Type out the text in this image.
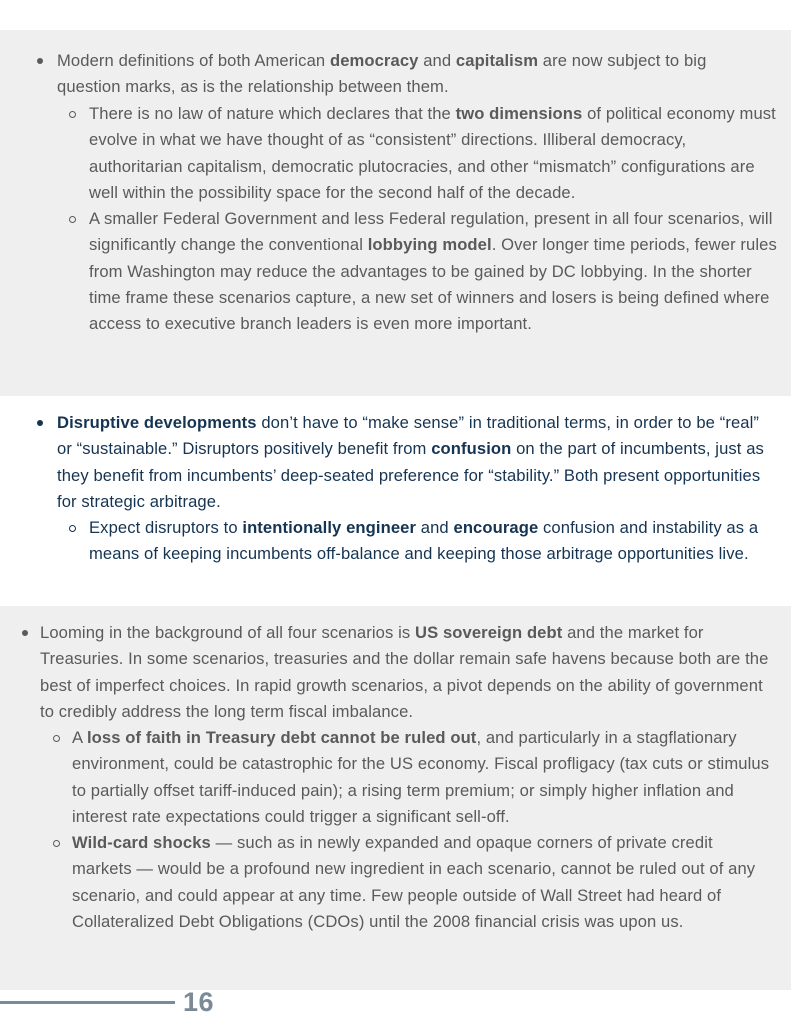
Modern definitions of both American democracy and capitalism are now subject to big question marks, as is the relationship between them.
There is no law of nature which declares that the two dimensions of political economy must evolve in what we have thought of as “consistent” directions. Illiberal democracy, authoritarian capitalism, democratic plutocracies, and other “mismatch” configurations are well within the possibility space for the second half of the decade.
A smaller Federal Government and less Federal regulation, present in all four scenarios, will significantly change the conventional lobbying model. Over longer time periods, fewer rules from Washington may reduce the advantages to be gained by DC lobbying. In the shorter time frame these scenarios capture, a new set of winners and losers is being defined where access to executive branch leaders is even more important.
Disruptive developments don’t have to “make sense” in traditional terms, in order to be “real” or “sustainable.” Disruptors positively benefit from confusion on the part of incumbents, just as they benefit from incumbents’ deep-seated preference for “stability.” Both present opportunities for strategic arbitrage.
Expect disruptors to intentionally engineer and encourage confusion and instability as a means of keeping incumbents off-balance and keeping those arbitrage opportunities live.
Looming in the background of all four scenarios is US sovereign debt and the market for Treasuries. In some scenarios, treasuries and the dollar remain safe havens because both are the best of imperfect choices. In rapid growth scenarios, a pivot depends on the ability of government to credibly address the long term fiscal imbalance.
A loss of faith in Treasury debt cannot be ruled out, and particularly in a stagflationary environment, could be catastrophic for the US economy. Fiscal profligacy (tax cuts or stimulus to partially offset tariff-induced pain); a rising term premium; or simply higher inflation and interest rate expectations could trigger a significant sell-off.
Wild-card shocks — such as in newly expanded and opaque corners of private credit markets — would be a profound new ingredient in each scenario, cannot be ruled out of any scenario, and could appear at any time. Few people outside of Wall Street had heard of Collateralized Debt Obligations (CDOs) until the 2008 financial crisis was upon us.
16
